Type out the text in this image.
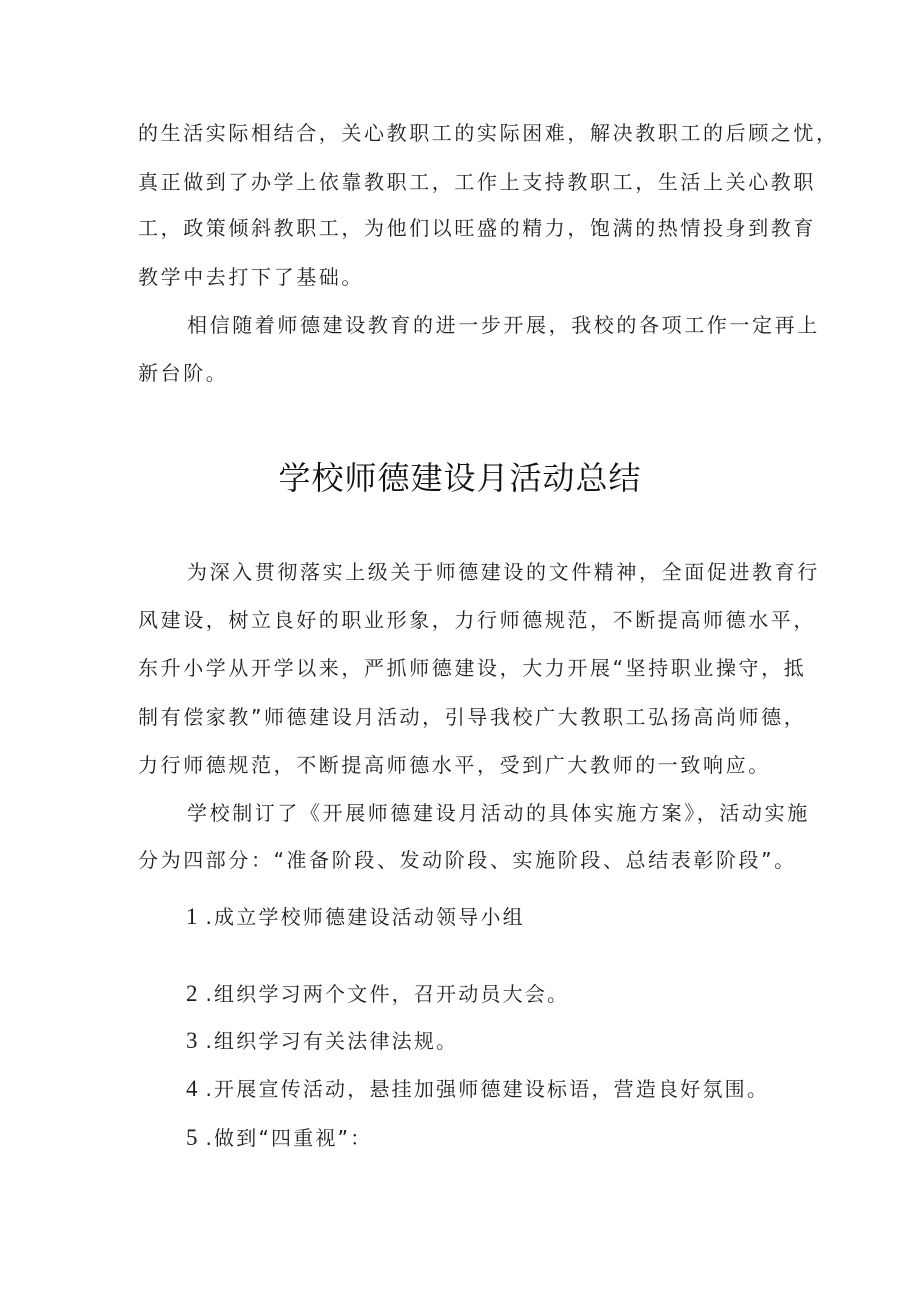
的生活实际相结合，关心教职工的实际困难，解决教职工的后顾之忧，
真正做到了办学上依靠教职工，工作上支持教职工，生活上关心教职
工，政策倾斜教职工，为他们以旺盛的精力，饱满的热情投身到教育
教学中去打下了基础。
相信随着师德建设教育的进一步开展，我校的各项工作一定再上
新台阶。
学校师德建设月活动总结
为深入贯彻落实上级关于师德建设的文件精神，全面促进教育行
风建设，树立良好的职业形象，力行师德规范，不断提高师德水平，
东升小学从开学以来，严抓师德建设，大力开展“坚持职业操守，抵
制有偿家教”师德建设月活动，引导我校广大教职工弘扬高尚师德，
力行师德规范，不断提高师德水平，受到广大教师的一致响应。
学校制订了《开展师德建设月活动的具体实施方案》，活动实施
分为四部分：“准备阶段、发动阶段、实施阶段、总结表彰阶段”。
1 .成立学校师德建设活动领导小组
2 .组织学习两个文件，召开动员大会。
3 .组织学习有关法律法规。
4 .开展宣传活动，悬挂加强师德建设标语，营造良好氛围。
5 .做到“四重视”：
